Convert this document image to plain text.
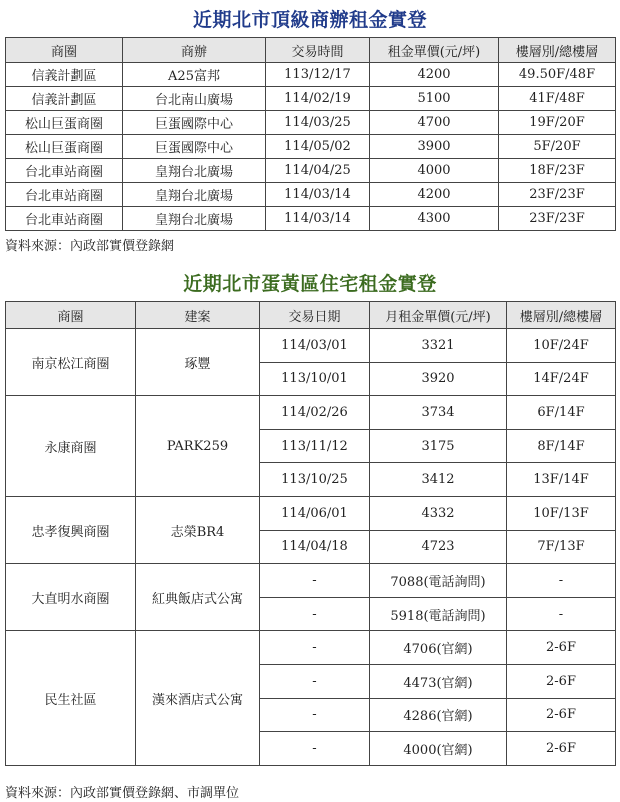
近期北市頂級商辦租金實登
商圈	商辦	交易時間	租金單價(元/坪)	樓層別/總樓層
信義計劃區	A25富邦	113/12/17	4200	49.50F/48F
信義計劃區	台北南山廣場	114/02/19	5100	41F/48F
松山巨蛋商圈	巨蛋國際中心	114/03/25	4700	19F/20F
松山巨蛋商圈	巨蛋國際中心	114/05/02	3900	5F/20F
台北車站商圈	皇翔台北廣場	114/04/25	4000	18F/23F
台北車站商圈	皇翔台北廣場	114/03/14	4200	23F/23F
台北車站商圈	皇翔台北廣場	114/03/14	4300	23F/23F
資料來源：內政部實價登錄網
近期北市蛋黃區住宅租金實登
商圈	建案	交易日期	月租金單價(元/坪)	樓層別/總樓層
南京松江商圈	琢豐	114/03/01	3321	10F/24F
		113/10/01	3920	14F/24F
永康商圈	PARK259	114/02/26	3734	6F/14F
		113/11/12	3175	8F/14F
		113/10/25	3412	13F/14F
忠孝復興商圈	志榮BR4	114/06/01	4332	10F/13F
		114/04/18	4723	7F/13F
大直明水商圈	紅典飯店式公寓	-	7088(電話詢問)	-
		-	5918(電話詢問)	-
民生社區	漢來酒店式公寓	-	4706(官網)	2-6F
		-	4473(官網)	2-6F
		-	4286(官網)	2-6F
		-	4000(官網)	2-6F
資料來源：內政部實價登錄網、市調單位
